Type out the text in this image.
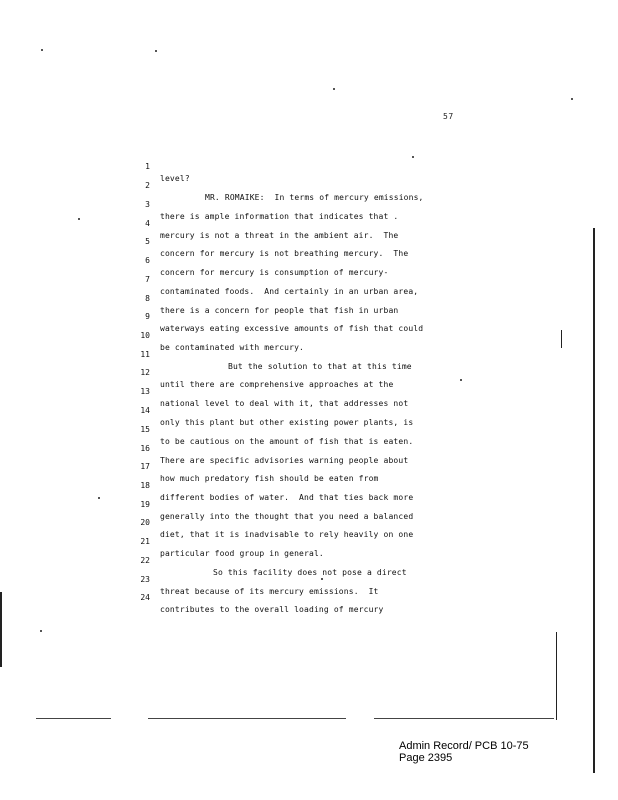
57

1

level?

2

MR. ROMAIKE:  In terms of mercury emissions,

3

there is ample information that indicates that .

4

mercury is not a threat in the ambient air.  The

5

concern for mercury is not breathing mercury.  The

6

concern for mercury is consumption of mercury-

7

contaminated foods.  And certainly in an urban area,

8

there is a concern for people that fish in urban

9

waterways eating excessive amounts of fish that could

10

be contaminated with mercury.

11

But the solution to that at this time

12

until there are comprehensive approaches at the

13

national level to deal with it, that addresses not

14

only this plant but other existing power plants, is

15

to be cautious on the amount of fish that is eaten.

16

There are specific advisories warning people about

17

how much predatory fish should be eaten from

18

different bodies of water.  And that ties back more

19

generally into the thought that you need a balanced

20

diet, that it is inadvisable to rely heavily on one

21

particular food group in general.

22

So this facility does not pose a direct

23

threat because of its mercury emissions.  It

24

contributes to the overall loading of mercury

Admin Record/ PCB 10-75
Page 2395
